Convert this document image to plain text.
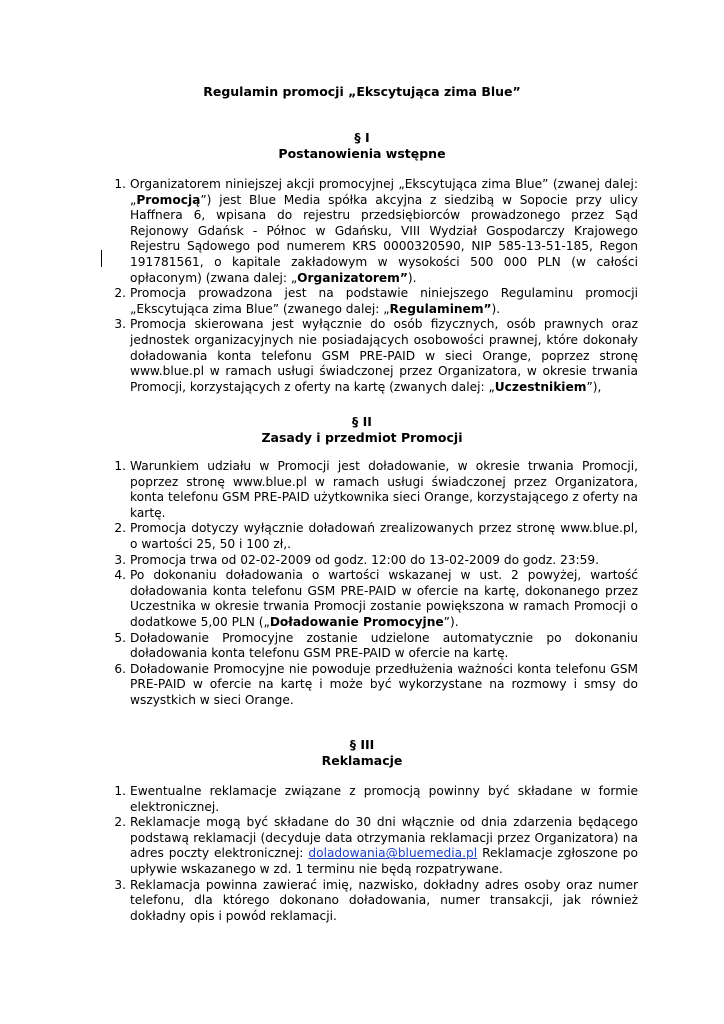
Regulamin promocji „Ekscytująca zima Blue”
§ I
Postanowienia wstępne
1. Organizatorem niniejszej akcji promocyjnej „Ekscytująca zima Blue” (zwanej dalej: „Promocją”) jest Blue Media spółka akcyjna z siedzibą w Sopocie przy ulicy Haffnera 6, wpisana do rejestru przedsiębiorców prowadzonego przez Sąd Rejonowy Gdańsk - Północ w Gdańsku, VIII Wydział Gospodarczy Krajowego Rejestru Sądowego pod numerem KRS 0000320590, NIP 585-13-51-185, Regon 191781561, o kapitale zakładowym w wysokości 500 000 PLN (w całości opłaconym) (zwana dalej: „Organizatorem”).
2. Promocja prowadzona jest na podstawie niniejszego Regulaminu promocji „Ekscytująca zima Blue” (zwanego dalej: „Regulaminem”).
3. Promocja skierowana jest wyłącznie do osób fizycznych, osób prawnych oraz jednostek organizacyjnych nie posiadających osobowości prawnej, które dokonały doładowania konta telefonu GSM PRE-PAID w sieci Orange, poprzez stronę www.blue.pl w ramach usługi świadczonej przez Organizatora, w okresie trwania Promocji, korzystających z oferty na kartę (zwanych dalej: „Uczestnikiem”),
§ II
Zasady i przedmiot Promocji
1. Warunkiem udziału w Promocji jest doładowanie, w okresie trwania Promocji, poprzez stronę www.blue.pl w ramach usługi świadczonej przez Organizatora, konta telefonu GSM PRE-PAID użytkownika sieci Orange, korzystającego z oferty na kartę.
2. Promocja dotyczy wyłącznie doładowań zrealizowanych przez stronę www.blue.pl, o wartości 25, 50 i 100 zł,.
3. Promocja trwa od 02-02-2009 od godz. 12:00 do 13-02-2009 do godz. 23:59.
4. Po dokonaniu doładowania o wartości wskazanej w ust. 2 powyżej, wartość doładowania konta telefonu GSM PRE-PAID w ofercie na kartę, dokonanego przez Uczestnika w okresie trwania Promocji zostanie powiększona w ramach Promocji o dodatkowe 5,00 PLN („Doładowanie Promocyjne”).
5. Doładowanie Promocyjne zostanie udzielone automatycznie po dokonaniu doładowania konta telefonu GSM PRE-PAID w ofercie na kartę.
6. Doładowanie Promocyjne nie powoduje przedłużenia ważności konta telefonu GSM PRE-PAID w ofercie na kartę i może być wykorzystane na rozmowy i smsy do wszystkich w sieci Orange.
§ III
Reklamacje
1. Ewentualne reklamacje związane z promocją powinny być składane w formie elektronicznej.
2. Reklamacje mogą być składane do 30 dni włącznie od dnia zdarzenia będącego podstawą reklamacji (decyduje data otrzymania reklamacji przez Organizatora) na adres poczty elektronicznej: doladowania@bluemedia.pl Reklamacje zgłoszone po upływie wskazanego w zd. 1 terminu nie będą rozpatrywane.
3. Reklamacja powinna zawierać imię, nazwisko, dokładny adres osoby oraz numer telefonu, dla którego dokonano doładowania, numer transakcji, jak również dokładny opis i powód reklamacji.
